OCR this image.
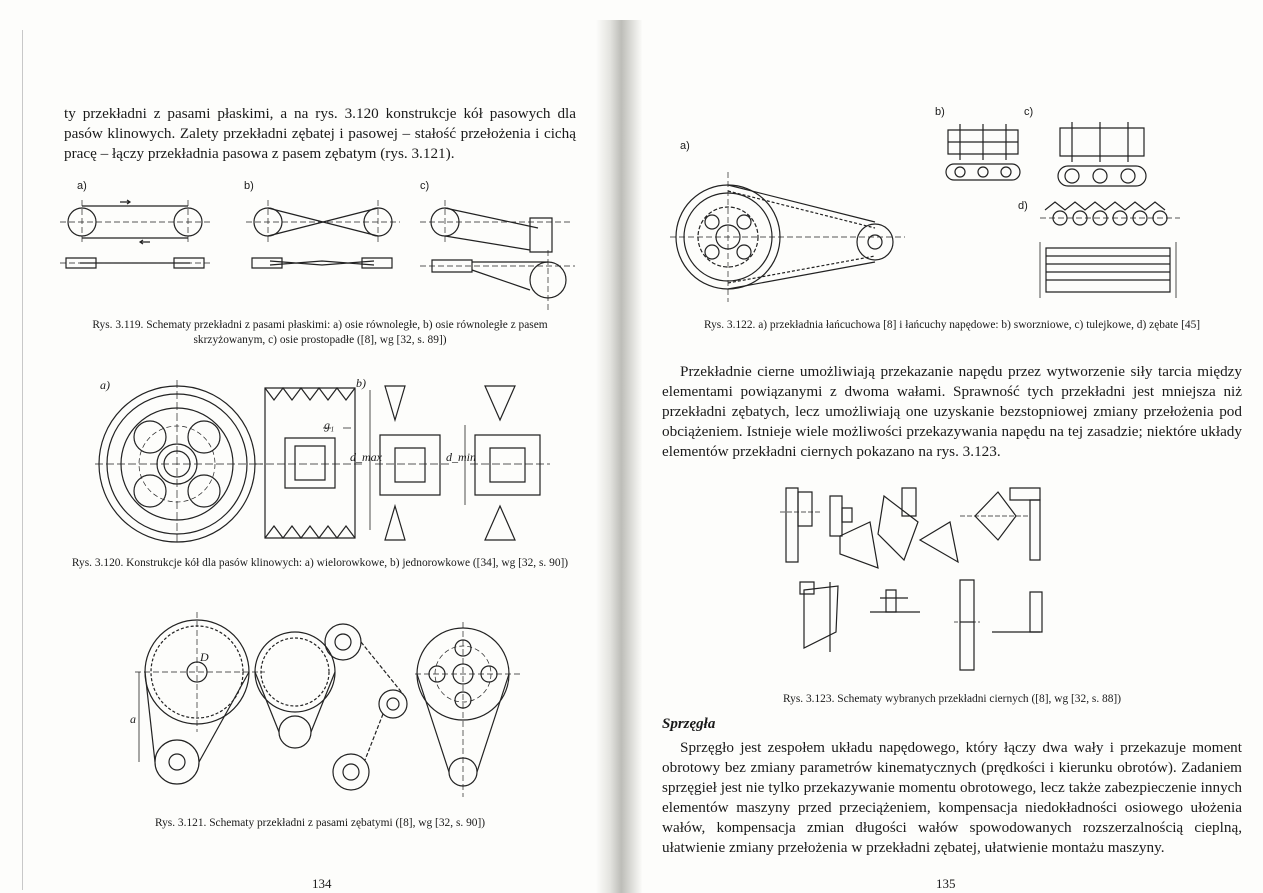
ty przekładni z pasami płaskimi, a na rys. 3.120 konstrukcje kół pasowych dla pasów klinowych. Zalety przekładni zębatej i pasowej – stałość przełożenia i cichą pracę – łączy przekładnia pasowa z pasem zębatym (rys. 3.121).

a)	b)	c)

Rys. 3.119. Schematy przekładni z pasami płaskimi: a) osie równoległe, b) osie równoległe z pasem skrzyżowanym, c) osie prostopadłe ([8], wg [32, s. 89])

a)	b)
g₁
d_max	d_min

Rys. 3.120. Konstrukcje kół dla pasów klinowych: a) wielorowkowe, b) jednorowkowe ([34], wg [32, s. 90])

a
D

Rys. 3.121. Schematy przekładni z pasami zębatymi ([8], wg [32, s. 90])

134
a)
b)	c)
d)

Rys. 3.122. a) przekładnia łańcuchowa [8] i łańcuchy napędowe: b) sworzniowe, c) tulejkowe, d) zębate [45]

Przekładnie cierne umożliwiają przekazanie napędu przez wytworzenie siły tarcia między elementami powiązanymi z dwoma wałami. Sprawność tych przekładni jest mniejsza niż przekładni zębatych, lecz umożliwiają one uzyskanie bezstopniowej zmiany przełożenia pod obciążeniem. Istnieje wiele możliwości przekazywania napędu na tej zasadzie; niektóre układy elementów przekładni ciernych pokazano na rys. 3.123.

Rys. 3.123. Schematy wybranych przekładni ciernych ([8], wg [32, s. 88])

Sprzęgła

Sprzęgło jest zespołem układu napędowego, który łączy dwa wały i przekazuje moment obrotowy bez zmiany parametrów kinematycznych (prędkości i kierunku obrotów). Zadaniem sprzęgieł jest nie tylko przekazywanie momentu obrotowego, lecz także zabezpieczenie innych elementów maszyny przed przeciążeniem, kompensacja niedokładności osiowego ułożenia wałów, kompensacja zmian długości wałów spowodowanych rozszerzalnością cieplną, ułatwienie zmiany przełożenia w przekładni zębatej, ułatwienie montażu maszyny.

135
